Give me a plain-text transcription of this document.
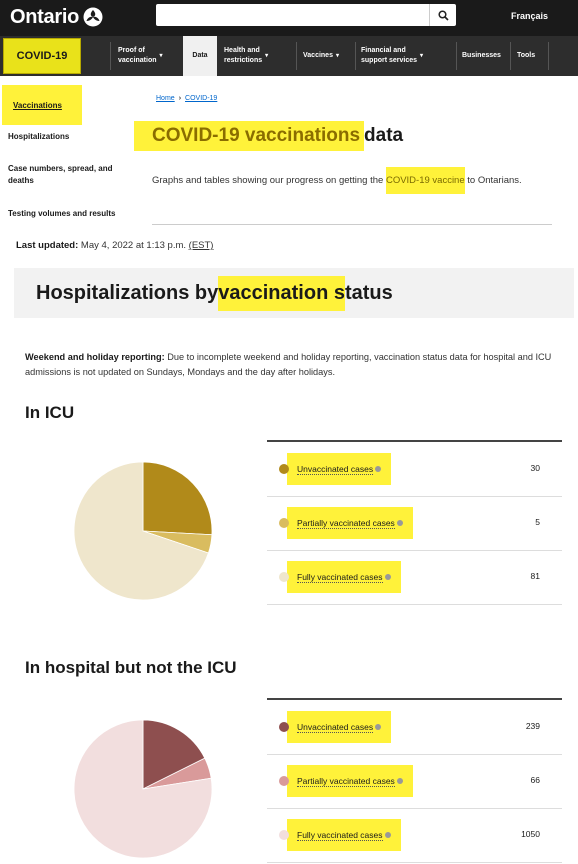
Ontario	Français
COVID-19	Proof of
vaccination
▾	Data
Health and
restrictions
▾	Vaccines ▾
Financial and
support services
▾	Businesses Tools
Vaccinations
Hospitalizations
Case numbers, spread, and deaths
Testing volumes and results
Home › COVID-19
COVID-19 vaccinations data
Graphs and tables showing our progress on getting the COVID-19 vaccine to Ontarians.
Last updated: May 4, 2022 at 1:13 p.m. (EST)
Hospitalizations by vaccination s tatus
Weekend and holiday reporting: Due to incomplete weekend and holiday reporting, vaccination status data for hospital and ICU admissions is not updated on Sundays, Mondays and the day after holidays.
In ICU
Unvaccinated cases	30
Partially vaccinated cases	5
Fully vaccinated cases	81
In hospital but not the ICU
Unvaccinated cases	239
Partially vaccinated cases	66
Fully vaccinated cases	1050
